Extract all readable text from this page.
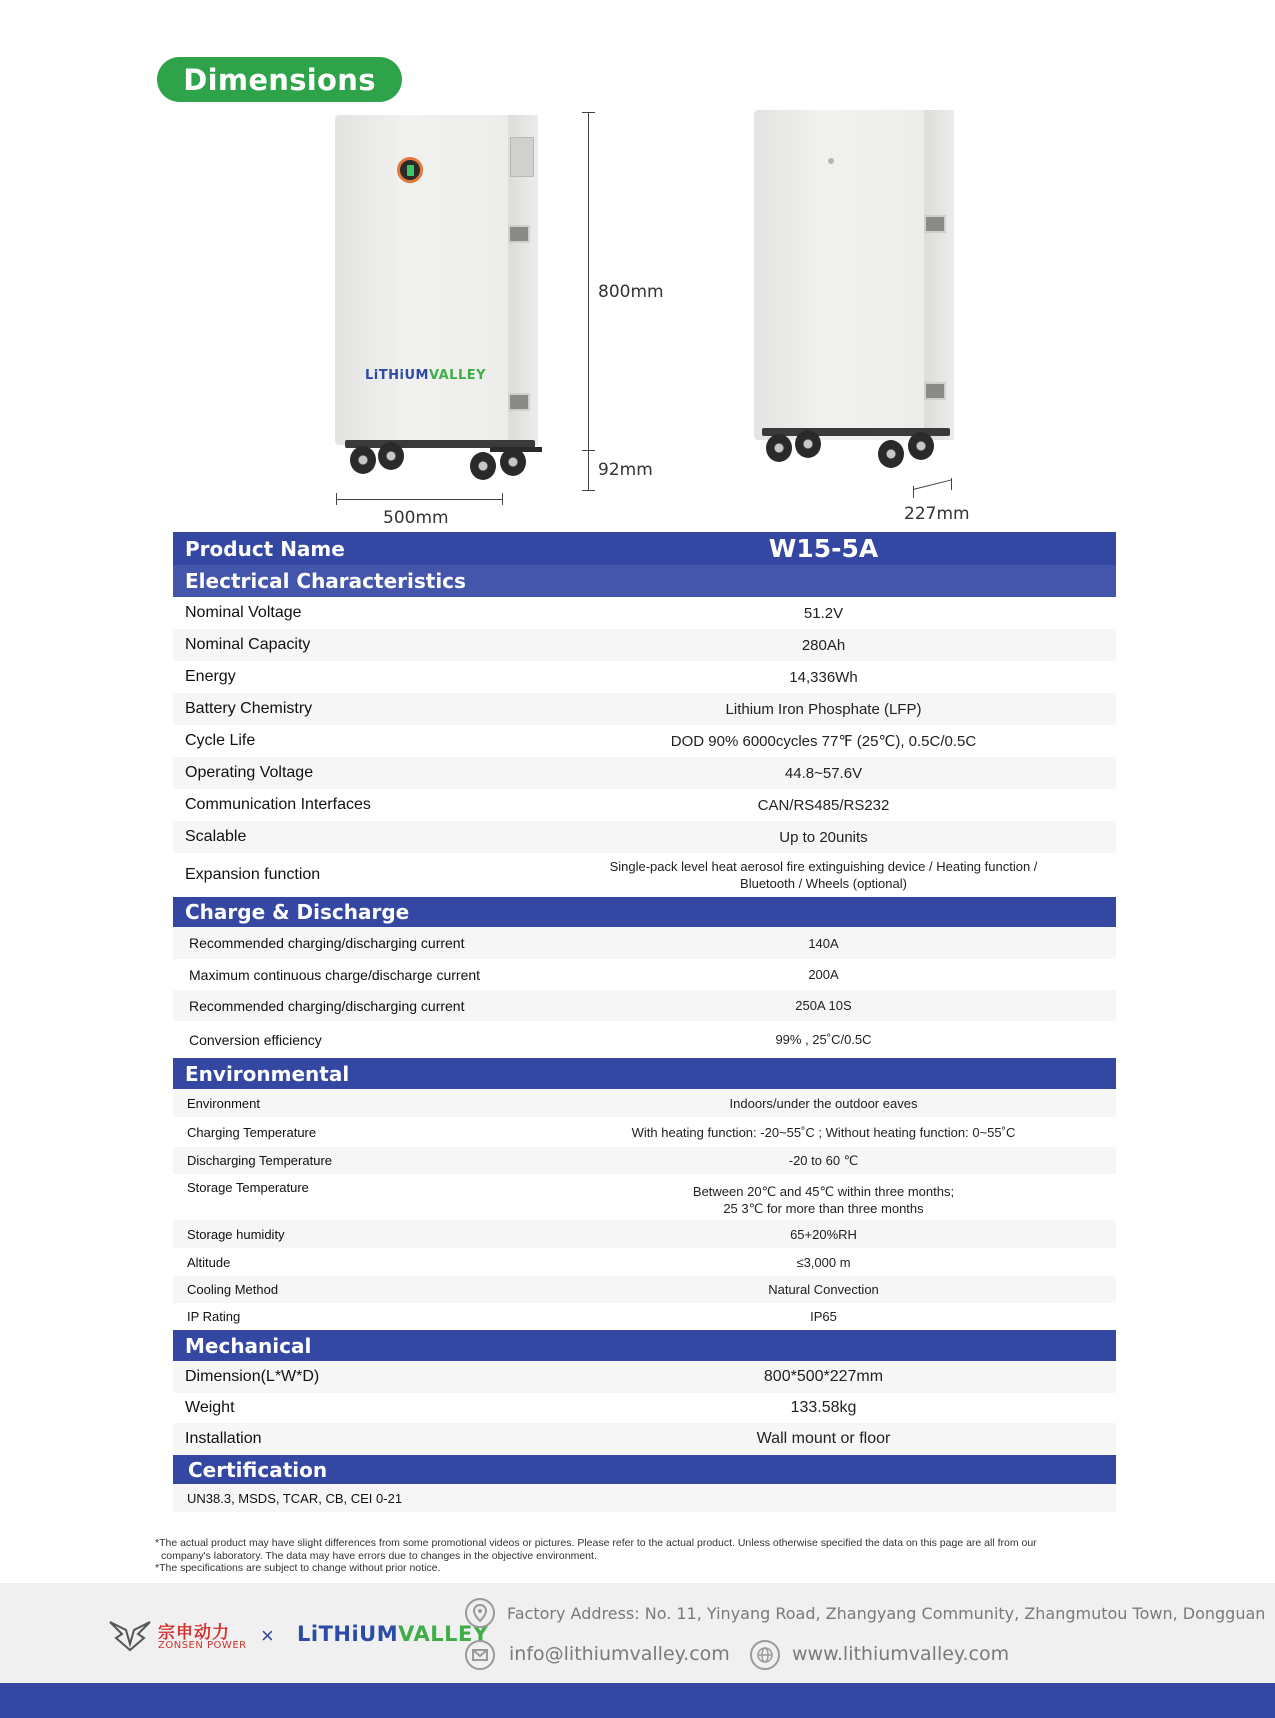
Dimensions
LiTHiUMVALLEY
800mm
92mm
500mm	227mm
Product Name	W15-5A
Electrical Characteristics
Nominal Voltage	51.2V
Nominal Capacity	280Ah
Energy	14,336Wh
Battery Chemistry	Lithium Iron Phosphate (LFP)
Cycle Life	DOD 90% 6000cycles 77℉ (25℃), 0.5C/0.5C
Operating Voltage	44.8~57.6V
Communication Interfaces	CAN/RS485/RS232
Scalable	Up to 20units
Expansion function	Single-pack level heat aerosol fire extinguishing device / Heating function /
Bluetooth / Wheels (optional)
Charge & Discharge
Recommended charging/discharging current	140A
Maximum continuous charge/discharge current	200A
Recommended charging/discharging current	250A 10S
Conversion efficiency	99% , 25˚C/0.5C
Environmental
Environment	Indoors/under the outdoor eaves
Charging Temperature	With heating function: -20~55˚C ; Without heating function: 0~55˚C
Discharging Temperature	-20 to 60 ℃
Storage Temperature	Between 20℃ and 45℃ within three months;
25 3℃ for more than three months
Storage humidity	65+20%RH
Altitude	≤3,000 m
Cooling Method	Natural Convection
IP Rating	IP65
Mechanical
Dimension(L*W*D)	800*500*227mm
Weight	133.58kg
Installation	Wall mount or floor
Certification
UN38.3, MSDS, TCAR, CB, CEI 0-21

*The actual product may have slight differences from some promotional videos or pictures. Please refer to the actual product. Unless otherwise specified the data on this page are all from our

company's laboratory. The data may have errors due to changes in the objective environment.

*The specifications are subject to change without prior notice.

宗申动力
ZONSEN POWER × LiTHiUMVALLEY
Factory Address: No. 11, Yinyang Road, Zhangyang Community, Zhangmutou Town, Dongguan
info@lithiumvalley.com	www.lithiumvalley.com
